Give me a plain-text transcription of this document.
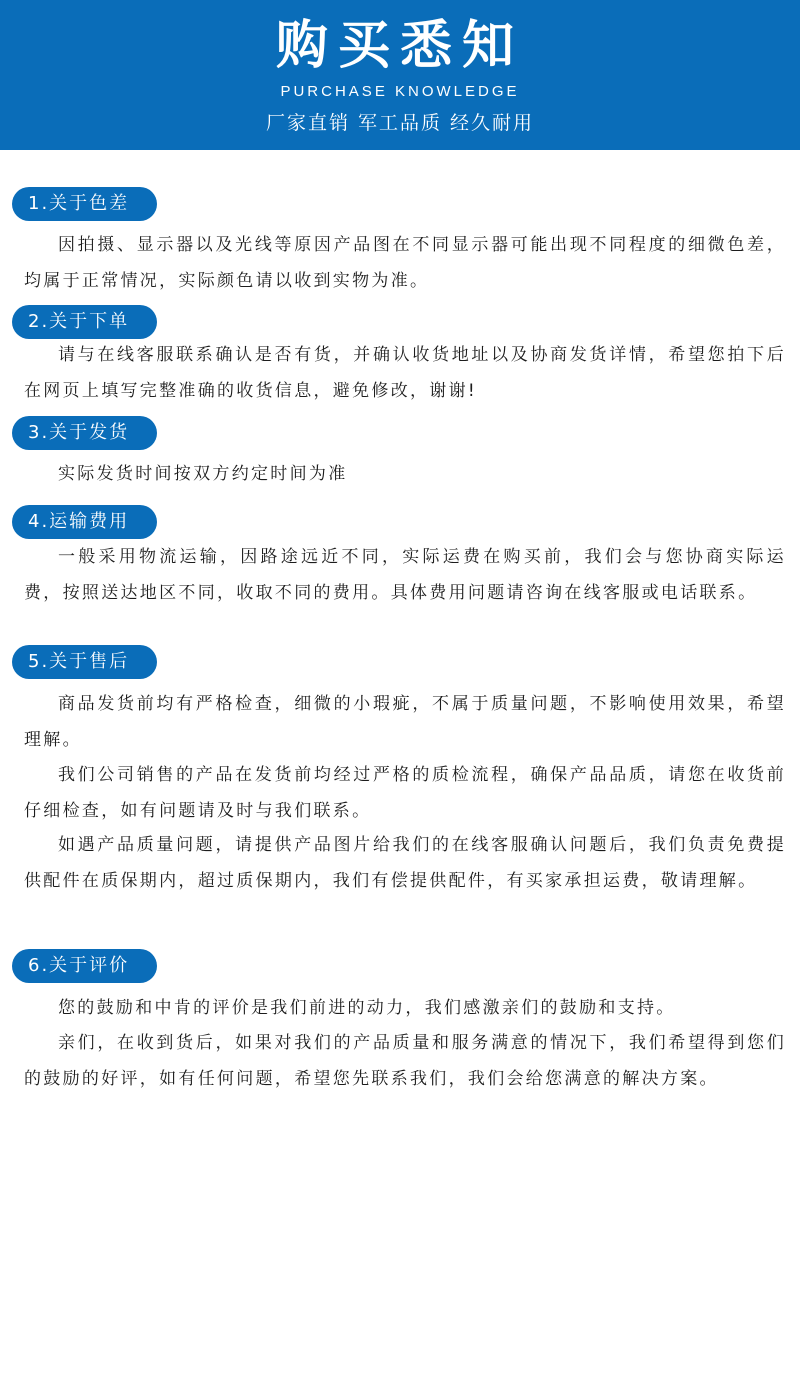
购买悉知
PURCHASE KNOWLEDGE
厂家直销 军工品质 经久耐用
1.关于色差
因拍摄、显示器以及光线等原因产品图在不同显示器可能出现不同程度的细微色差，均属于正常情况，实际颜色请以收到实物为准。
2.关于下单
请与在线客服联系确认是否有货，并确认收货地址以及协商发货详情，希望您拍下后在网页上填写完整准确的收货信息，避免修改，谢谢!
3.关于发货
实际发货时间按双方约定时间为准
4.运输费用
一般采用物流运输，因路途远近不同，实际运费在购买前，我们会与您协商实际运费，按照送达地区不同，收取不同的费用。具体费用问题请咨询在线客服或电话联系。
5.关于售后
商品发货前均有严格检查，细微的小瑕疵，不属于质量问题，不影响使用效果，希望理解。
我们公司销售的产品在发货前均经过严格的质检流程，确保产品品质，请您在收货前仔细检查，如有问题请及时与我们联系。
如遇产品质量问题，请提供产品图片给我们的在线客服确认问题后，我们负责免费提供配件在质保期内，超过质保期内，我们有偿提供配件，有买家承担运费，敬请理解。
6.关于评价
您的鼓励和中肯的评价是我们前进的动力，我们感激亲们的鼓励和支持。
亲们，在收到货后，如果对我们的产品质量和服务满意的情况下，我们希望得到您们的鼓励的好评，如有任何问题，希望您先联系我们，我们会给您满意的解决方案。
